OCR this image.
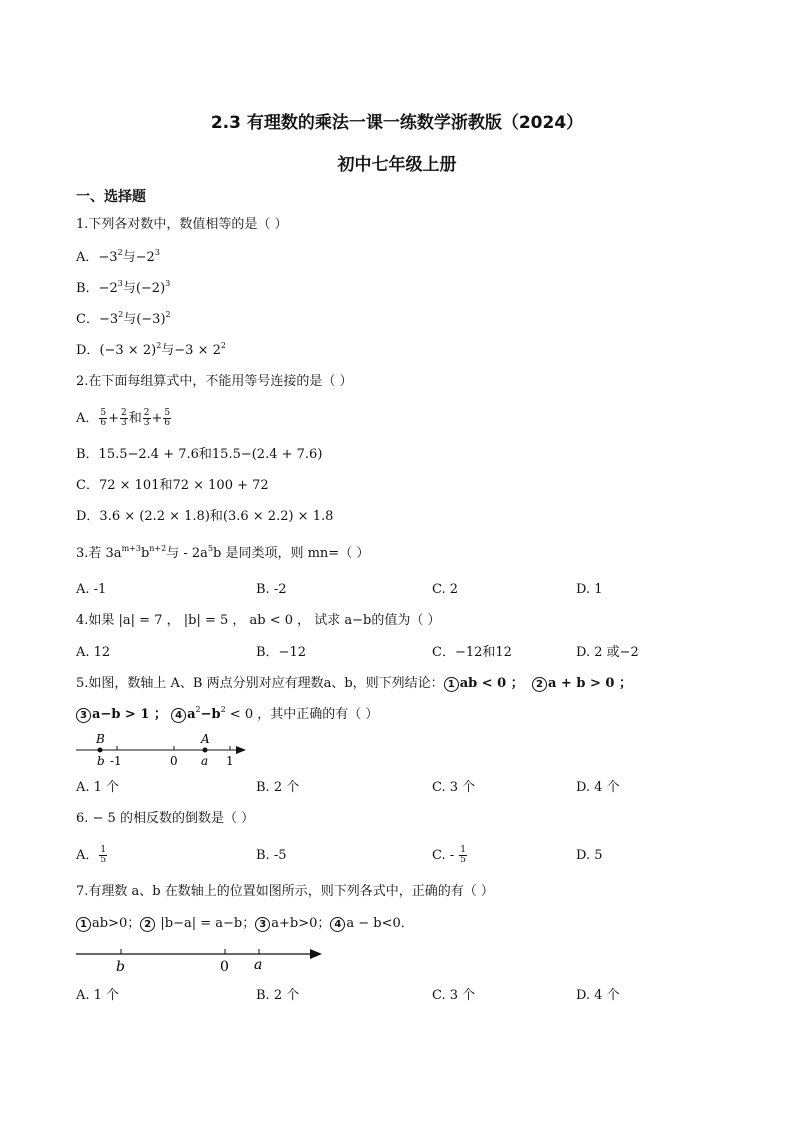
2.3 有理数的乘法一课一练数学浙教版（2024）
初中七年级上册
一、选择题
1.下列各对数中，数值相等的是（ ）
A．$-3^2$与$-2^3$
B．$-2^3$与$(-2)^3$
C．$-3^2$与$(-3)^2$
D．$(-3 \times 2)^2$与$-3 \times 2^2$
2.在下面每组算式中，不能用等号连接的是（ ）
A． $\frac{5}{6} + \frac{2}{3}$ 和 $\frac{2}{3} + \frac{5}{6}$
B．15.5−2.4 + 7.6和15.5−(2.4 + 7.6)
C．72 × 101和72 × 100 + 72
D．3.6 × (2.2 × 1.8)和(3.6 × 2.2) × 1.8
3.若 $3a^{m+3}b^{n+2}$与 - $2a^5b$ 是同类项，则 mn=（ ）
A. -1	B. -2	C. 2	D. 1
4.如果 |a| = 7 ， |b| = 5 ， ab < 0 ， 试求 a−b的值为（ ）
A. 12	B．−12	C．−12和12	D. 2 或−2
5.如图，数轴上 A、B 两点分别对应有理数a、b，则下列结论： 1 ab < 0 ； 2 a + b > 0 ；
3 a−b > 1 ； 4 $a^2-b^2 < 0$ ，其中正确的有（ ）
B	A
b -1	0 a 1
A. 1 个	B. 2 个	C. 3 个	D. 4 个
6. − 5 的相反数的倒数是（ ）
A． $\frac{1}{5}$	B. -5	C. - $\frac{1}{5}$	D. 5
7.有理数 a、b 在数轴上的位置如图所示，则下列各式中，正确的有（ ）
1 ab>0； 2 |b−a| = a−b； 3 a+b>0； 4 a − b<0．
b	0 a
A. 1 个	B. 2 个	C. 3 个	D. 4 个
